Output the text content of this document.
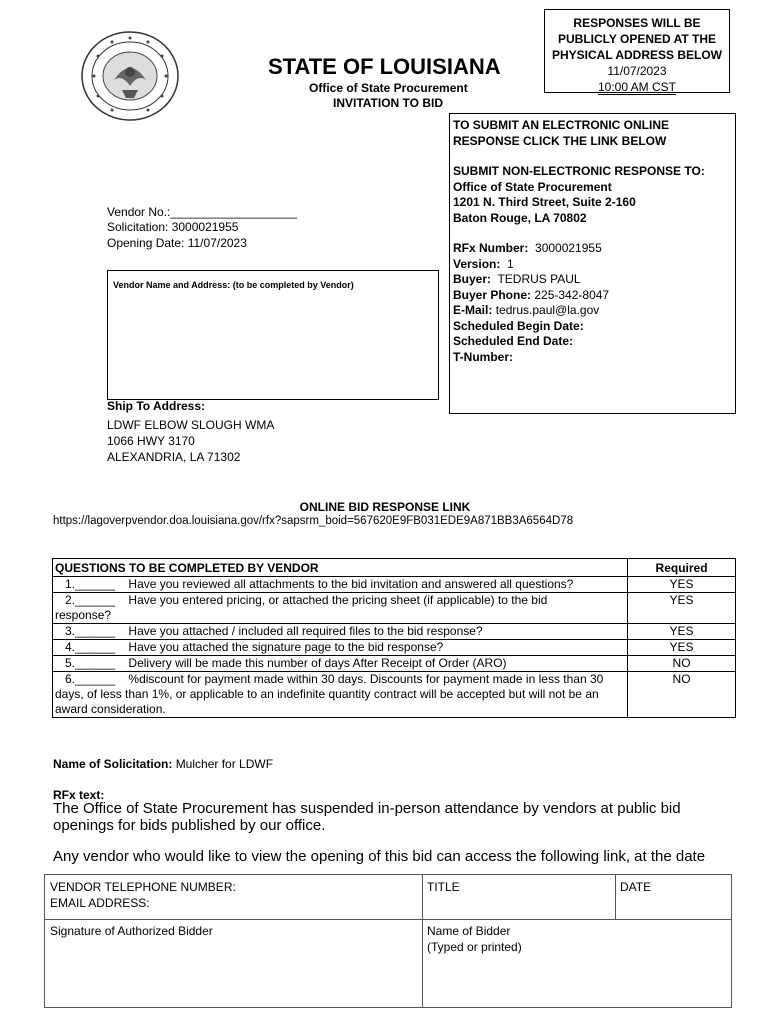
STATE OF LOUISIANA
Office of State Procurement
INVITATION TO BID
RESPONSES WILL BE
PUBLICLY OPENED AT THE
PHYSICAL ADDRESS BELOW
11/07/2023
10:00 AM CST
Vendor No.:___________________
Solicitation: 3000021955
Opening Date: 11/07/2023
Vendor Name and Address: (to be completed by Vendor)
TO SUBMIT AN ELECTRONIC ONLINE
RESPONSE CLICK THE LINK BELOW
SUBMIT NON-ELECTRONIC RESPONSE TO:
Office of State Procurement
1201 N. Third Street, Suite 2-160
Baton Rouge, LA 70802
RFx Number: 3000021955
Version: 1
Buyer: TEDRUS PAUL
Buyer Phone: 225-342-8047
E-Mail: tedrus.paul@la.gov
Scheduled Begin Date:
Scheduled End Date:
T-Number:
Ship To Address:
LDWF ELBOW SLOUGH WMA
1066 HWY 3170
ALEXANDRIA, LA 71302
ONLINE BID RESPONSE LINK
https://lagoverpvendor.doa.louisiana.gov/rfx?sapsrm_boid=567620E9FB031EDE9A871BB3A6564D78
QUESTIONS TO BE COMPLETED BY VENDOR	Required
1.______ Have you reviewed all attachments to the bid invitation and answered all questions?	YES
2.______ Have you entered pricing, or attached the pricing sheet (if applicable) to the bid
response?	YES
3.______ Have you attached / included all required files to the bid response?	YES
4.______ Have you attached the signature page to the bid response?	YES
5.______ Delivery will be made this number of days After Receipt of Order (ARO)	NO
6.______ %discount for payment made within 30 days. Discounts for payment made in less than 30
days, of less than 1%, or applicable to an indefinite quantity contract will be accepted but will not be an award consideration.	NO
Name of Solicitation: Mulcher for LDWF
RFx text:
The Office of State Procurement has suspended in-person attendance by vendors at public bid openings for bids published by our office.
Any vendor who would like to view the opening of this bid can access the following link, at the date
VENDOR TELEPHONE NUMBER:
EMAIL ADDRESS:
TITLE	DATE
Signature of Authorized Bidder	Name of Bidder
(Typed or printed)
